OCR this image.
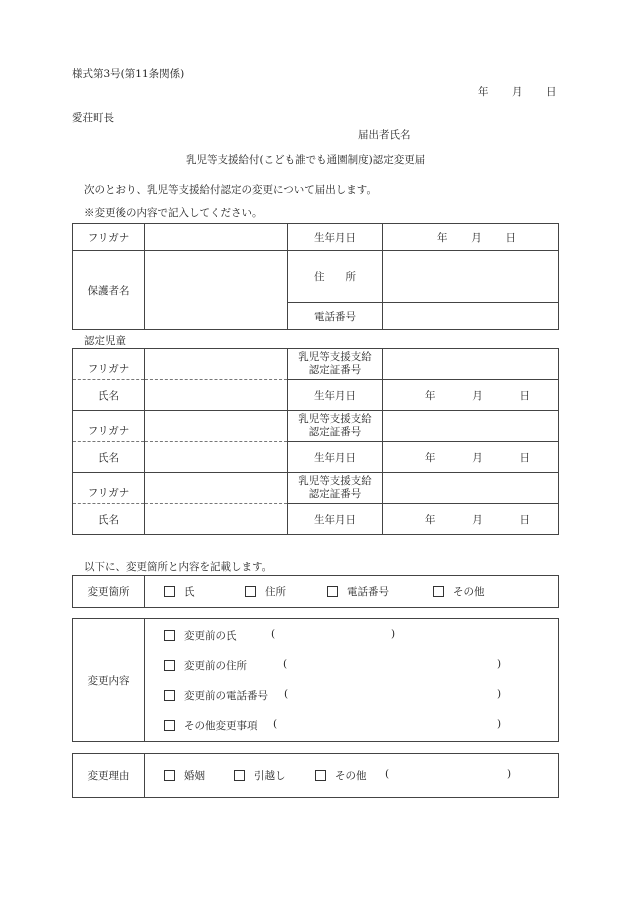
様式第3号(第11条関係)
年 月 日
愛荘町長
届出者氏名
乳児等支援給付(こども誰でも通園制度)認定変更届
次のとおり、乳児等支援給付認定の変更について届出します。
※変更後の内容で記入してください。
フリガナ		生年月日	年 月 日

保護者名		住　　所	
		電話番号	
認定児童
フリガナ		乳児等支援支給
認定証番号	

氏名		生年月日	年 月 日

フリガナ		乳児等支援支給
認定証番号	

氏名		生年月日	年 月 日

フリガナ		乳児等支援支給
認定証番号	

氏名		生年月日	年 月 日
以下に、変更箇所と内容を記載します。
変更箇所	氏	住所	電話番号	その他
変更内容	
変更前の氏	(	)
変更前の住所	(	)
変更前の電話番号 (	)
その他変更事項 (	)
変更理由	婚姻	引越し	その他 (	)
